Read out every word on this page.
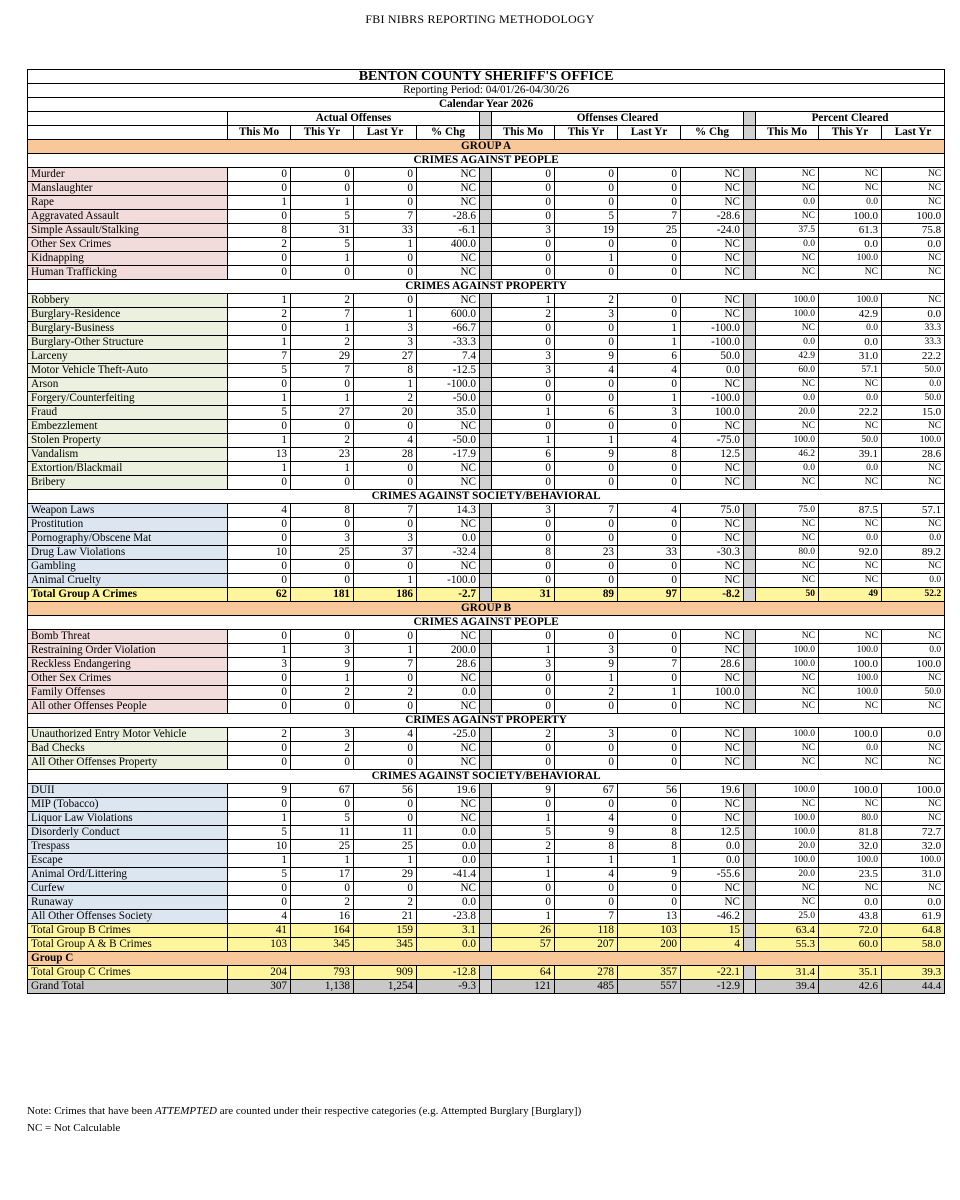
FBI NIBRS REPORTING METHODOLOGY
BENTON COUNTY SHERIFF'S OFFICE													
Reporting Period: 04/01/26-04/30/26													
Calendar Year 2026													
	Actual Offenses					Offenses Cleared					Percent Cleared		
	This Mo	This Yr	Last Yr	% Chg		This Mo	This Yr	Last Yr	% Chg		This Mo	This Yr	Last Yr
GROUP A													
CRIMES AGAINST PEOPLE													
Murder	0	0	0	NC		0	0	0	NC		NC	NC	NC
Manslaughter	0	0	0	NC		0	0	0	NC		NC	NC	NC
Rape	1	1	0	NC		0	0	0	NC		0.0	0.0	NC
Aggravated Assault	0	5	7	-28.6		0	5	7	-28.6		NC	100.0	100.0
Simple Assault/Stalking	8	31	33	-6.1		3	19	25	-24.0		37.5	61.3	75.8
Other Sex Crimes	2	5	1	400.0		0	0	0	NC		0.0	0.0	0.0
Kidnapping	0	1	0	NC		0	1	0	NC		NC	100.0	NC
Human Trafficking	0	0	0	NC		0	0	0	NC		NC	NC	NC
CRIMES AGAINST PROPERTY													
Robbery	1	2	0	NC		1	2	0	NC		100.0	100.0	NC
Burglary-Residence	2	7	1	600.0		2	3	0	NC		100.0	42.9	0.0
Burglary-Business	0	1	3	-66.7		0	0	1	-100.0		NC	0.0	33.3
Burglary-Other Structure	1	2	3	-33.3		0	0	1	-100.0		0.0	0.0	33.3
Larceny	7	29	27	7.4		3	9	6	50.0		42.9	31.0	22.2
Motor Vehicle Theft-Auto	5	7	8	-12.5		3	4	4	0.0		60.0	57.1	50.0
Arson	0	0	1	-100.0		0	0	0	NC		NC	NC	0.0
Forgery/Counterfeiting	1	1	2	-50.0		0	0	1	-100.0		0.0	0.0	50.0
Fraud	5	27	20	35.0		1	6	3	100.0		20.0	22.2	15.0
Embezzlement	0	0	0	NC		0	0	0	NC		NC	NC	NC
Stolen Property	1	2	4	-50.0		1	1	4	-75.0		100.0	50.0	100.0
Vandalism	13	23	28	-17.9		6	9	8	12.5		46.2	39.1	28.6
Extortion/Blackmail	1	1	0	NC		0	0	0	NC		0.0	0.0	NC
Bribery	0	0	0	NC		0	0	0	NC		NC	NC	NC
CRIMES AGAINST SOCIETY/BEHAVIORAL													
Weapon Laws	4	8	7	14.3		3	7	4	75.0		75.0	87.5	57.1
Prostitution	0	0	0	NC		0	0	0	NC		NC	NC	NC
Pornography/Obscene Mat	0	3	3	0.0		0	0	0	NC		NC	0.0	0.0
Drug Law Violations	10	25	37	-32.4		8	23	33	-30.3		80.0	92.0	89.2
Gambling	0	0	0	NC		0	0	0	NC		NC	NC	NC
Animal Cruelty	0	0	1	-100.0		0	0	0	NC		NC	NC	0.0
Total Group A Crimes	62	181	186	-2.7		31	89	97	-8.2		50	49	52.2
GROUP B													
CRIMES AGAINST PEOPLE													
Bomb Threat	0	0	0	NC		0	0	0	NC		NC	NC	NC
Restraining Order Violation	1	3	1	200.0		1	3	0	NC		100.0	100.0	0.0
Reckless Endangering	3	9	7	28.6		3	9	7	28.6		100.0	100.0	100.0
Other Sex Crimes	0	1	0	NC		0	1	0	NC		NC	100.0	NC
Family Offenses	0	2	2	0.0		0	2	1	100.0		NC	100.0	50.0
All other Offenses People	0	0	0	NC		0	0	0	NC		NC	NC	NC
CRIMES AGAINST PROPERTY													
Unauthorized Entry Motor Vehicle	2	3	4	-25.0		2	3	0	NC		100.0	100.0	0.0
Bad Checks	0	2	0	NC		0	0	0	NC		NC	0.0	NC
All Other Offenses Property	0	0	0	NC		0	0	0	NC		NC	NC	NC
CRIMES AGAINST SOCIETY/BEHAVIORAL													
DUII	9	67	56	19.6		9	67	56	19.6		100.0	100.0	100.0
MIP (Tobacco)	0	0	0	NC		0	0	0	NC		NC	NC	NC
Liquor Law Violations	1	5	0	NC		1	4	0	NC		100.0	80.0	NC
Disorderly Conduct	5	11	11	0.0		5	9	8	12.5		100.0	81.8	72.7
Trespass	10	25	25	0.0		2	8	8	0.0		20.0	32.0	32.0
Escape	1	1	1	0.0		1	1	1	0.0		100.0	100.0	100.0
Animal Ord/Littering	5	17	29	-41.4		1	4	9	-55.6		20.0	23.5	31.0
Curfew	0	0	0	NC		0	0	0	NC		NC	NC	NC
Runaway	0	2	2	0.0		0	0	0	NC		NC	0.0	0.0
All Other Offenses Society	4	16	21	-23.8		1	7	13	-46.2		25.0	43.8	61.9
Total Group B Crimes	41	164	159	3.1		26	118	103	15		63.4	72.0	64.8
Total Group A & B Crimes	103	345	345	0.0		57	207	200	4		55.3	60.0	58.0
Group C													
Total Group C Crimes	204	793	909	-12.8		64	278	357	-22.1		31.4	35.1	39.3
Grand Total	307	1,138	1,254	-9.3		121	485	557	-12.9		39.4	42.6	44.4
Note: Crimes that have been ATTEMPTED are counted under their respective categories (e.g. Attempted Burglary [Burglary])
NC = Not Calculable
